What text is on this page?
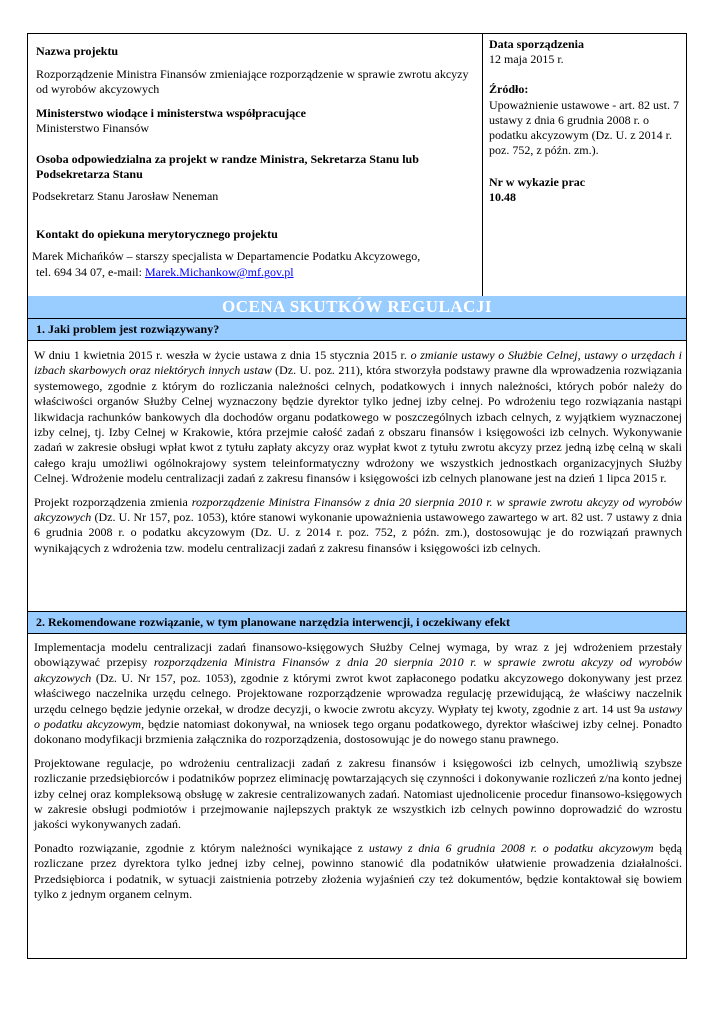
Nazwa projektu
Rozporządzenie Ministra Finansów zmieniające rozporządzenie w sprawie zwrotu akcyzy od wyrobów akcyzowych
Ministerstwo wiodące i ministerstwa współpracujące
Ministerstwo Finansów
Osoba odpowiedzialna za projekt w randze Ministra, Sekretarza Stanu lub Podsekretarza Stanu
Podsekretarz Stanu Jarosław Neneman
Kontakt do opiekuna merytorycznego projektu
Marek Michańków – starszy specjalista w Departamencie Podatku Akcyzowego,
tel. 694 34 07, e-mail: Marek.Michankow@mf.gov.pl
Data sporządzenia
12 maja 2015 r.
Źródło:
Upoważnienie ustawowe - art. 82 ust. 7 ustawy z dnia 6 grudnia 2008 r. o podatku akcyzowym (Dz. U. z 2014 r. poz. 752, z późn. zm.).
Nr w wykazie prac
10.48
OCENA SKUTKÓW REGULACJI
1. Jaki problem jest rozwiązywany?

W dniu 1 kwietnia 2015 r. weszła w życie ustawa z dnia 15 stycznia 2015 r. o zmianie ustawy o Służbie Celnej, ustawy o urzędach i izbach skarbowych oraz niektórych innych ustaw (Dz. U. poz. 211), która stworzyła podstawy prawne dla wprowadzenia rozwiązania systemowego, zgodnie z którym do rozliczania należności celnych, podatkowych i innych należności, których pobór należy do właściwości organów Służby Celnej wyznaczony będzie dyrektor tylko jednej izby celnej. Po wdrożeniu tego rozwiązania nastąpi likwidacja rachunków bankowych dla dochodów organu podatkowego w poszczególnych izbach celnych, z wyjątkiem wyznaczonej izby celnej, tj. Izby Celnej w Krakowie, która przejmie całość zadań z obszaru finansów i księgowości izb celnych. Wykonywanie zadań w zakresie obsługi wpłat kwot z tytułu zapłaty akcyzy oraz wypłat kwot z tytułu zwrotu akcyzy przez jedną izbę celną w skali całego kraju umożliwi ogólnokrajowy system teleinformatyczny wdrożony we wszystkich jednostkach organizacyjnych Służby Celnej. Wdrożenie modelu centralizacji zadań z zakresu finansów i księgowości izb celnych planowane jest na dzień 1 lipca 2015 r.

Projekt rozporządzenia zmienia rozporządzenie Ministra Finansów z dnia 20 sierpnia 2010 r. w sprawie zwrotu akcyzy od wyrobów akcyzowych (Dz. U. Nr 157, poz. 1053), które stanowi wykonanie upoważnienia ustawowego zawartego w art. 82 ust. 7 ustawy z dnia 6 grudnia 2008 r. o podatku akcyzowym (Dz. U. z 2014 r. poz. 752, z późn. zm.), dostosowując je do rozwiązań prawnych wynikających z wdrożenia tzw. modelu centralizacji zadań z zakresu finansów i księgowości izb celnych.

2. Rekomendowane rozwiązanie, w tym planowane narzędzia interwencji, i oczekiwany efekt

Implementacja modelu centralizacji zadań finansowo-księgowych Służby Celnej wymaga, by wraz z jej wdrożeniem przestały obowiązywać przepisy rozporządzenia Ministra Finansów z dnia 20 sierpnia 2010 r. w sprawie zwrotu akcyzy od wyrobów akcyzowych (Dz. U. Nr 157, poz. 1053), zgodnie z którymi zwrot kwot zapłaconego podatku akcyzowego dokonywany jest przez właściwego naczelnika urzędu celnego. Projektowane rozporządzenie wprowadza regulację przewidującą, że właściwy naczelnik urzędu celnego będzie jedynie orzekał, w drodze decyzji, o kwocie zwrotu akcyzy. Wypłaty tej kwoty, zgodnie z art. 14 ust 9a ustawy o podatku akcyzowym, będzie natomiast dokonywał, na wniosek tego organu podatkowego, dyrektor właściwej izby celnej. Ponadto dokonano modyfikacji brzmienia załącznika do rozporządzenia, dostosowując je do nowego stanu prawnego.

Projektowane regulacje, po wdrożeniu centralizacji zadań z zakresu finansów i księgowości izb celnych, umożliwią szybsze rozliczanie przedsiębiorców i podatników poprzez eliminację powtarzających się czynności i dokonywanie rozliczeń z/na konto jednej izby celnej oraz kompleksową obsługę w zakresie centralizowanych zadań. Natomiast ujednolicenie procedur finansowo-księgowych w zakresie obsługi podmiotów i przejmowanie najlepszych praktyk ze wszystkich izb celnych powinno doprowadzić do wzrostu jakości wykonywanych zadań.

Ponadto rozwiązanie, zgodnie z którym należności wynikające z ustawy z dnia 6 grudnia 2008 r. o podatku akcyzowym będą rozliczane przez dyrektora tylko jednej izby celnej, powinno stanowić dla podatników ułatwienie prowadzenia działalności. Przedsiębiorca i podatnik, w sytuacji zaistnienia potrzeby złożenia wyjaśnień czy też dokumentów, będzie kontaktował się bowiem tylko z jednym organem celnym.
